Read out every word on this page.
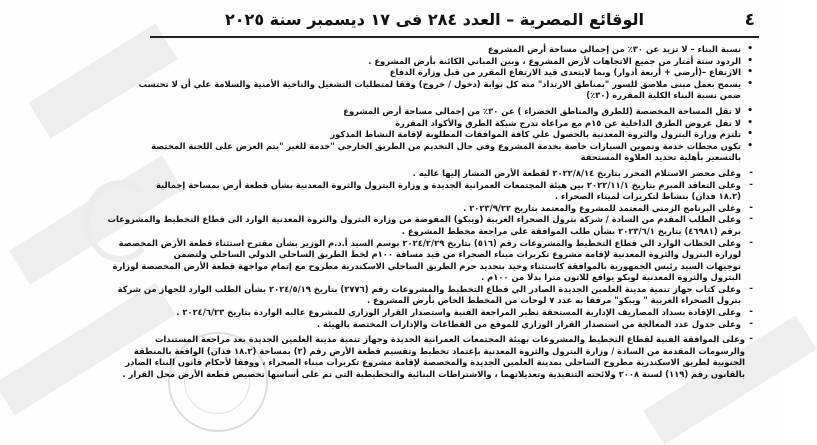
٤
الوقائع المصرية – العدد ٢٨٤ فى ١٧ ديسمبر سنة ٢٠٢٥
•
نسبة البناء – لا تزيد عن ٣٠٪ من إجمالي مساحة أرض المشروع
•
الردود ستة أمتار من جميع الاتجاهات لأرض المشروع ، وبين المباني الكائنة بأرض المشروع .
•
الارتفاع –(أرضي + أربعة أدوار) وبما لايتعدى قيد الارتفاع المقرر من قبل وزارة الدفاع
•
يسمح بعمل مبنى ملاصق للسور "بمناطق الارتداد" منه كل بوابة (دخول / خروج) وفقا لمتطلبات التشغيل والناحية الأمنية والسلامة علي أن لا تحتسب
ضمن نسبة البناء الكلية المقررة (٣٠٪)
•
لا تقل المساحة المخصصة (للطرق والمناطق الخضراء ) عن ٣٠٪ من إجمالي مساحة أرض المشروع
•
لا تقل عروض الطرق الداخلية عن ١٥م مع مراعاة تدرج شبكة الطرق والأكواد المقررة
•
تلتزم وزارة البترول والثروة المعدنية بالحصول علي كافة الموافقات المطلوبة لإقامة النشاط المذكور
•
تكون محطات خدمة وتموين السيارات خاصة بخدمة المشروع وفي حال التخديم من الطريق الخارجي "خدمة للغير "يتم العرض على اللجنة المختصة
بالتسعير بأهلية تحديد العلاوة المستحقة
-
وعلى محضر الاستلام المحرر بتاريخ ٢٠٢٢/٨/١٤ لقطعة الأرض المشار إليها عاليه .
-
وعلى التعاقد المبرم بتاريخ ٢٠٢٢/١١/١ بين هيئة المجتمعات العمرانية الجديدة و وزارة البترول والثروة المعدنية بشأن قطعة أرض بمساحة إجمالية
(١٨.٢ فدان) بنشاط لتكريرات لميناء الصحراء .
-
وعلى البرنامج الزمني المعتمد للمشروع والمعتمد بتاريخ ٢٠٢٣/٩/٢٢ .
-
وعلى الطلب المقدم من السادة / شركة بترول الصحراء الغربية (ويبكو) المفوضة من وزارة البترول والثروة المعدنية الوارد الى قطاع التخطيط والمشروعات
برقم (٤٦٩٨١) بتاريخ ٢٠٢٣/٦/١ بشأن طلب الموافقة علي مراجعة مخطط المشروع .
-
وعلى الخطاب الوارد الي قطاع التخطيط والمشروعات رقم (٥١٦) بتاريخ ٢٠٢٤/٢/٢٩ بوسم السيد أ.د.م الوزير بشأن مقترح استثناء قطعة الأرض المخصصة
لوزارة البترول والثروة المعدنية لإقامة مشروع تكريرات ميناء الصحراء من قيد مسافة ١٠٠م لخط الطريق الساحلي الدولي الساحلي ولتضمن
توجيهات السيد رئيس الجمهورية بالموافقة كاستثناء وحيد بتحديد حرم الطريق الساحلي الاسكندرية مطروح مع إتمام مواجهة قطعة الأرض المخصصة لوزارة
البترول والثروة المعدنية لويكو يوافع للاتون مترا بدلا من ١٠٠م .
-
وعلى كتاب جهاز تنمية مدينة العلمين الجديدة الصادر الي قطاع التخطيط والمشروعات رقم (٢٧٧٦) بتاريخ ٢٠٢٤/٥/١٩ بشأن الطلب الوارد للجهاز من شركة
بترول الصحراء الغربية " ويبكو" مرفقا به عدد ٧ لوحات من المخطط الخاص بأرض المشروع .
-
وعلى الإفادة بسداد المصاريف الإدارية المستحقة نظير المراجعة الفنية واستصدار القرار الوزاري للمشروع عاليه الواردة بتاريخ ٢٠٢٤/٦/٢٣ .
-
وعلى جدول عدد المعالجة من استصدار القرار الوزاري للموقع من القطاعات والإدارات المختصة بالهيئة .
-
وعلى الموافقة الفنية لقطاع التخطيط والمشروعات بهيئة المجتمعات العمرانية الجديدة وجهاز تنمية مدينة العلمين الجديدة بعد مراجعة المستندات
والرسومات المقدمة من السادة / وزارة البترول والثروة المعدنية بإعتماد تخطيط وتقسيم قطعة الأرض رقم (٢) بمساحة (١٨.٢ فدان) الواقعة بالمنطقة
الجنوبية لطريق الاسكندرية مطروح الساحلي بمدينة العلمين الجديدة والمخصصة لإقامة مشروع تكريرات ميناء الصحراء ، ووفقا لأحكام قانون البناء الصادر
بالقانون رقم (١١٩) لسنة ٢٠٠٨ ولائحته التنفيذية وتعديلاتهما ، والاشتراطات البنائية والتخطيطية التي تم على أساسها تخصيص قطعة الأرض محل القرار .
